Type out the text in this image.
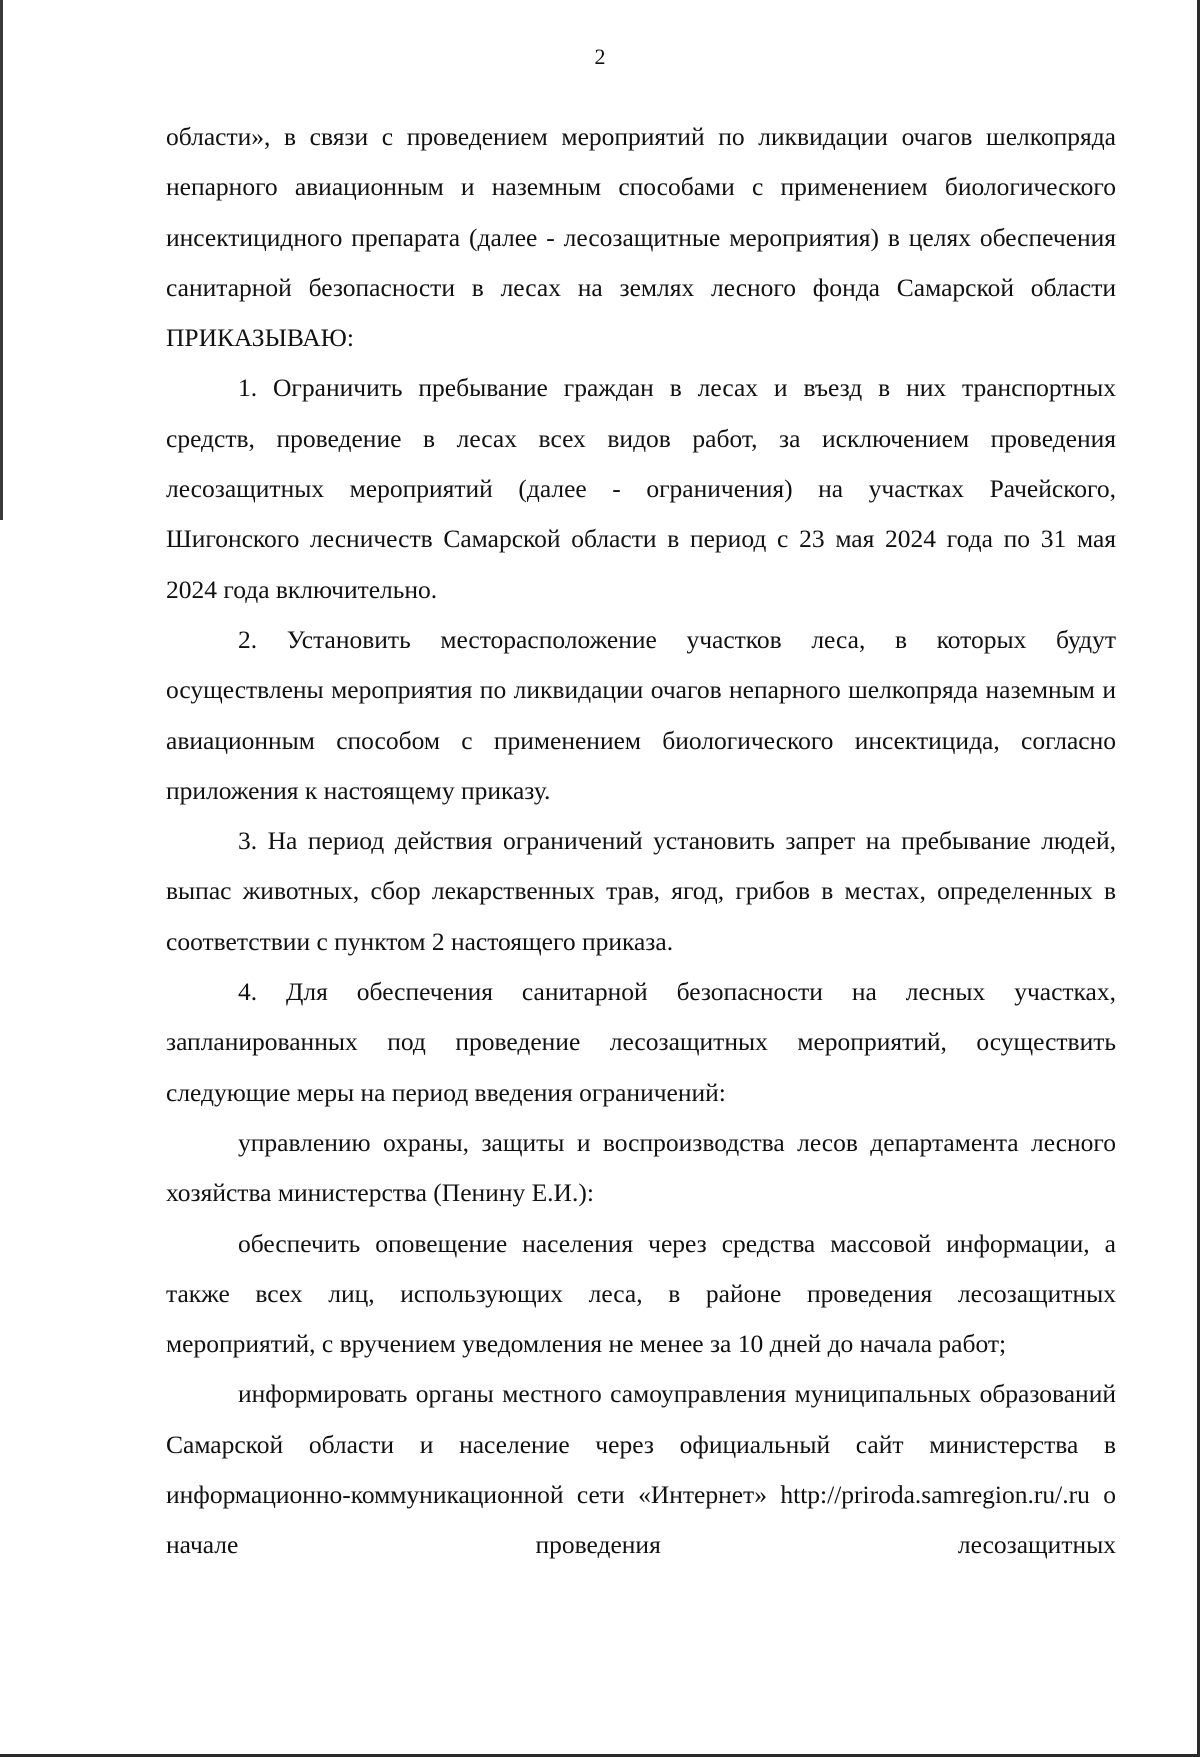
2

области», в связи с проведением мероприятий по ликвидации очагов шелкопряда непарного авиационным и наземным способами с применением биологического инсектицидного препарата (далее - лесозащитные мероприятия) в целях обеспечения санитарной безопасности в лесах на землях лесного фонда Самарской области ПРИКАЗЫВАЮ:

1. Ограничить пребывание граждан в лесах и въезд в них транспортных средств, проведение в лесах всех видов работ, за исключением проведения лесозащитных мероприятий (далее - ограничения) на участках Рачейского, Шигонского лесничеств Самарской области в период с 23 мая 2024 года по 31 мая 2024 года включительно.

2. Установить месторасположение участков леса, в которых будут осуществлены мероприятия по ликвидации очагов непарного шелкопряда наземным и авиационным способом с применением биологического инсектицида, согласно приложения к настоящему приказу.

3. На период действия ограничений установить запрет на пребывание людей, выпас животных, сбор лекарственных трав, ягод, грибов в местах, определенных в соответствии с пунктом 2 настоящего приказа.

4. Для обеспечения санитарной безопасности на лесных участках, запланированных под проведение лесозащитных мероприятий, осуществить следующие меры на период введения ограничений:

управлению охраны, защиты и воспроизводства лесов департамента лесного хозяйства министерства (Пенину Е.И.):

обеспечить оповещение населения через средства массовой информации, а также всех лиц, использующих леса, в районе проведения лесозащитных мероприятий, с вручением уведомления не менее за 10 дней до начала работ;

информировать органы местного самоуправления муниципальных образований Самарской области и население через официальный сайт министерства в информационно-коммуникационной сети «Интернет» http://priroda.samregion.ru/.ru о начале проведения лесозащитных
